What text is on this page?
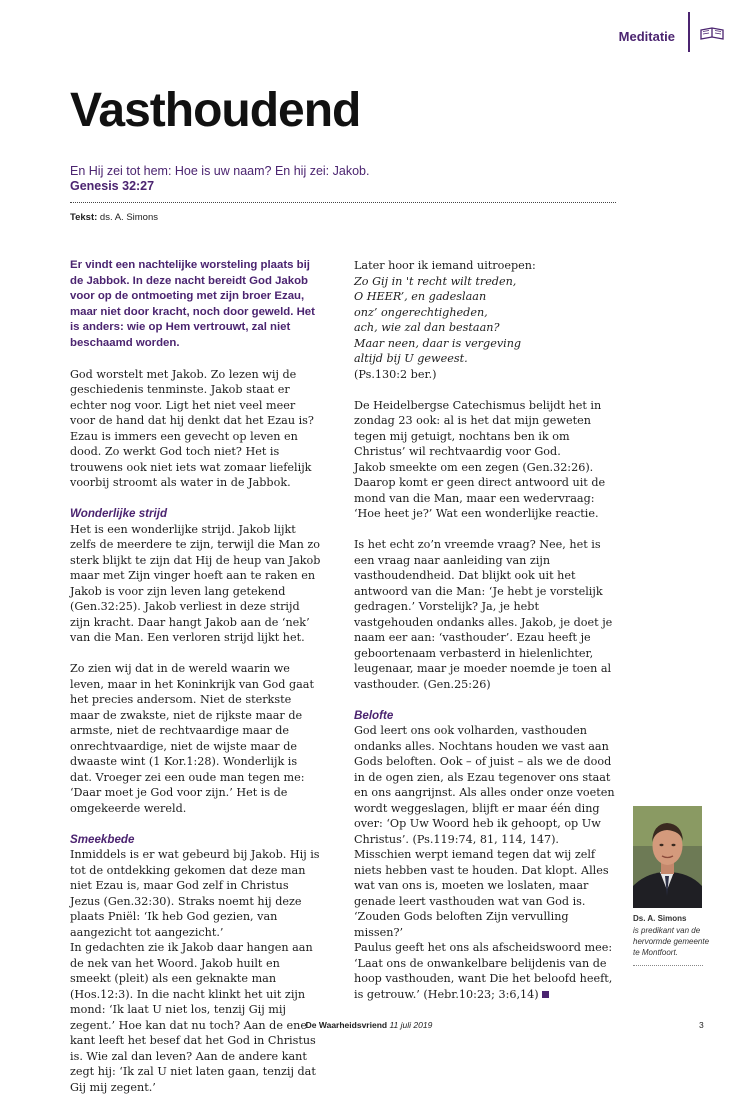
Meditatie
Vasthoudend
En Hij zei tot hem: Hoe is uw naam? En hij zei: Jakob.
Genesis 32:27
Tekst: ds. A. Simons

Er vindt een nachtelijke worsteling plaats bij de Jabbok. In deze nacht bereidt God Jakob voor op de ontmoeting met zijn broer Ezau, maar niet door kracht, noch door geweld. Het is anders: wie op Hem vertrouwt, zal niet beschaamd worden.

God worstelt met Jakob. Zo lezen wij de geschiedenis tenminste. Jakob staat er echter nog voor. Ligt het niet veel meer voor de hand dat hij denkt dat het Ezau is? Ezau is immers een gevecht op leven en dood. Zo werkt God toch niet? Het is trouwens ook niet iets wat zomaar liefelijk voorbij stroomt als water in de Jabbok.

Wonderlijke strijd

Het is een wonderlijke strijd. Jakob lijkt zelfs de meerdere te zijn, terwijl die Man zo sterk blijkt te zijn dat Hij de heup van Jakob maar met Zijn vinger hoeft aan te raken en Jakob is voor zijn leven lang getekend (Gen.32:25). Jakob verliest in deze strijd zijn kracht. Daar hangt Jakob aan de ‘nek’ van die Man. Een verloren strijd lijkt het.

Zo zien wij dat in de wereld waarin we leven, maar in het Koninkrijk van God gaat het precies andersom. Niet de sterkste maar de zwakste, niet de rijkste maar de armste, niet de rechtvaardige maar de onrechtvaardige, niet de wijste maar de dwaaste wint (1 Kor.1:28). Wonderlijk is dat. Vroeger zei een oude man tegen me: ‘Daar moet je God voor zijn.’ Het is de omgekeerde wereld.

Smeekbede

Inmiddels is er wat gebeurd bij Jakob. Hij is tot de ontdekking gekomen dat deze man niet Ezau is, maar God zelf in Christus Jezus (Gen.32:30). Straks noemt hij deze plaats Pniël: ‘Ik heb God gezien, van aangezicht tot aangezicht.’

In gedachten zie ik Jakob daar hangen aan de nek van het Woord. Jakob huilt en smeekt (pleit) als een geknakte man (Hos.12:3). In die nacht klinkt het uit zijn mond: ‘Ik laat U niet los, tenzij Gij mij zegent.’ Hoe kan dat nu toch? Aan de ene kant leeft het besef dat het God in Christus is. Wie zal dan leven? Aan de andere kant zegt hij: ‘Ik zal U niet laten gaan, tenzij dat Gij mij zegent.’

Later hoor ik iemand uitroepen:
Zo Gij in 't recht wilt treden,
O HEER’, en gadeslaan
onz’ ongerechtigheden,
ach, wie zal dan bestaan?
Maar neen, daar is vergeving
altijd bij U geweest.

(Ps.130:2 ber.)

De Heidelbergse Catechismus belijdt het in zondag 23 ook: al is het dat mijn geweten tegen mij getuigt, nochtans ben ik om Christus’ wil rechtvaardig voor God.

Jakob smeekte om een zegen (Gen.32:26). Daarop komt er geen direct antwoord uit de mond van die Man, maar een wedervraag: ‘Hoe heet je?’ Wat een wonderlijke reactie.

Is het echt zo’n vreemde vraag? Nee, het is een vraag naar aanleiding van zijn vasthoudendheid. Dat blijkt ook uit het antwoord van die Man: ‘Je hebt je vorstelijk gedragen.’ Vorstelijk? Ja, je hebt vastgehouden ondanks alles. Jakob, je doet je naam eer aan: ‘vasthouder’. Ezau heeft je geboortenaam verbasterd in hielenlichter, leugenaar, maar je moeder noemde je toen al vasthouder. (Gen.25:26)

Belofte

God leert ons ook volharden, vasthouden ondanks alles. Nochtans houden we vast aan Gods beloften. Ook – of juist – als we de dood in de ogen zien, als Ezau tegenover ons staat en ons aangrijnst. Als alles onder onze voeten wordt weggeslagen, blijft er maar één ding over: ‘Op Uw Woord heb ik gehoopt, op Uw Christus’. (Ps.119:74, 81, 114, 147).

Misschien werpt iemand tegen dat wij zelf niets hebben vast te houden. Dat klopt. Alles wat van ons is, moeten we loslaten, maar genade leert vasthouden wat van God is. ‘Zouden Gods beloften Zijn vervulling missen?’

Paulus geeft het ons als afscheidswoord mee: ‘Laat ons de onwankelbare belijdenis van de hoop vasthouden, want Die het beloofd heeft, is getrouw.’ (Hebr.10:23; 3:6,14)

Ds. A. Simons
is predikant van de hervormde gemeente te Montfoort.
De Waarheidsvriend 11 juli 2019	3
